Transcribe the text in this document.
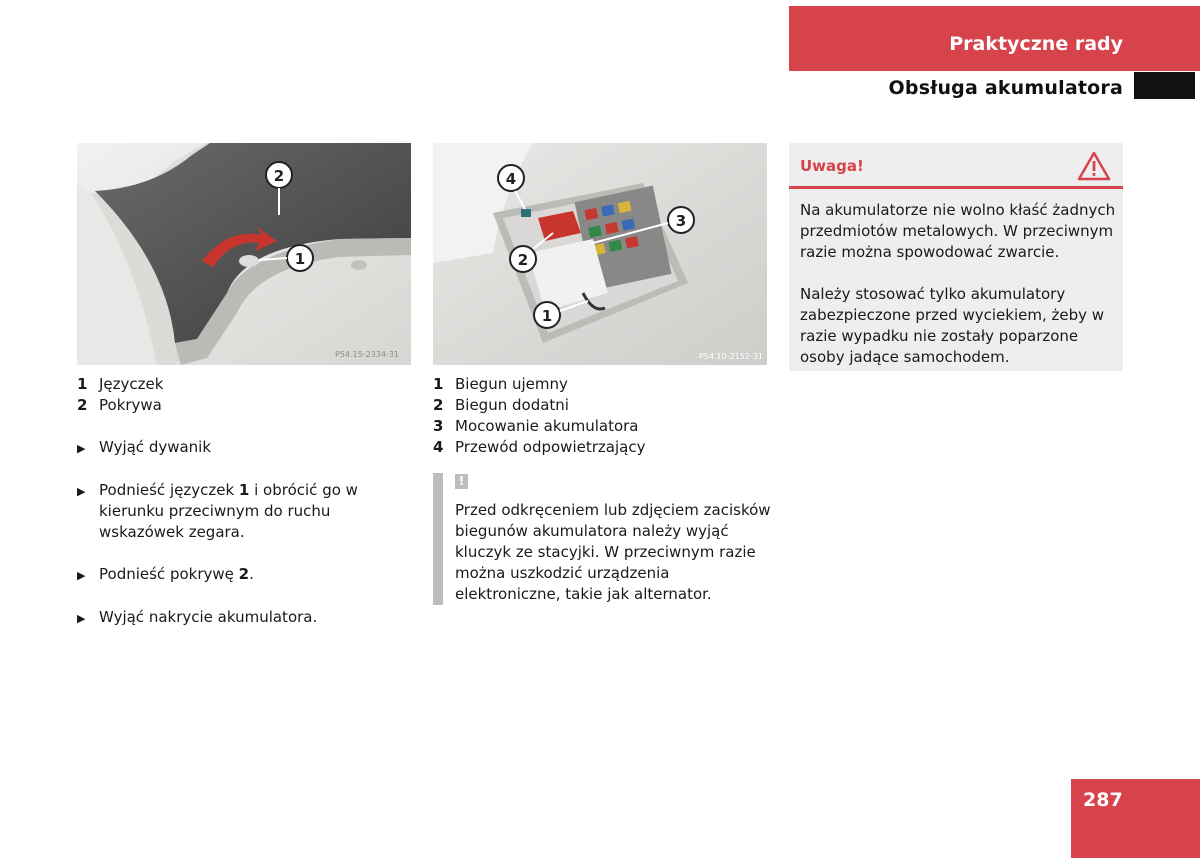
Praktyczne rady
Obsługa akumulatora
2
1
P54.15-2334-31
4
3
2
1
P54.10-2152-31
1 Języczek
2 Pokrywa
▶ Wyjąć dywanik
▶ Podnieść języczek 1 i obrócić go w kierunku przeciwnym do ruchu wskazówek zegara.
▶ Podnieść pokrywę 2.
▶ Wyjąć nakrycie akumulatora.
1 Biegun ujemny
2 Biegun dodatni
3 Mocowanie akumulatora
4 Przewód odpowietrzający
!
Przed odkręceniem lub zdjęciem zacisków biegunów akumulatora należy wyjąć kluczyk ze stacyjki. W przeciwnym razie można uszkodzić urządzenia elektroniczne, takie jak alternator.
Uwaga!
Na akumulatorze nie wolno kłaść żadnych przedmiotów metalowych. W przeciwnym razie można spowodować zwarcie.
Należy stosować tylko akumulatory zabezpieczone przed wyciekiem, żeby w razie wypadku nie zostały poparzone osoby jadące samochodem.
287
